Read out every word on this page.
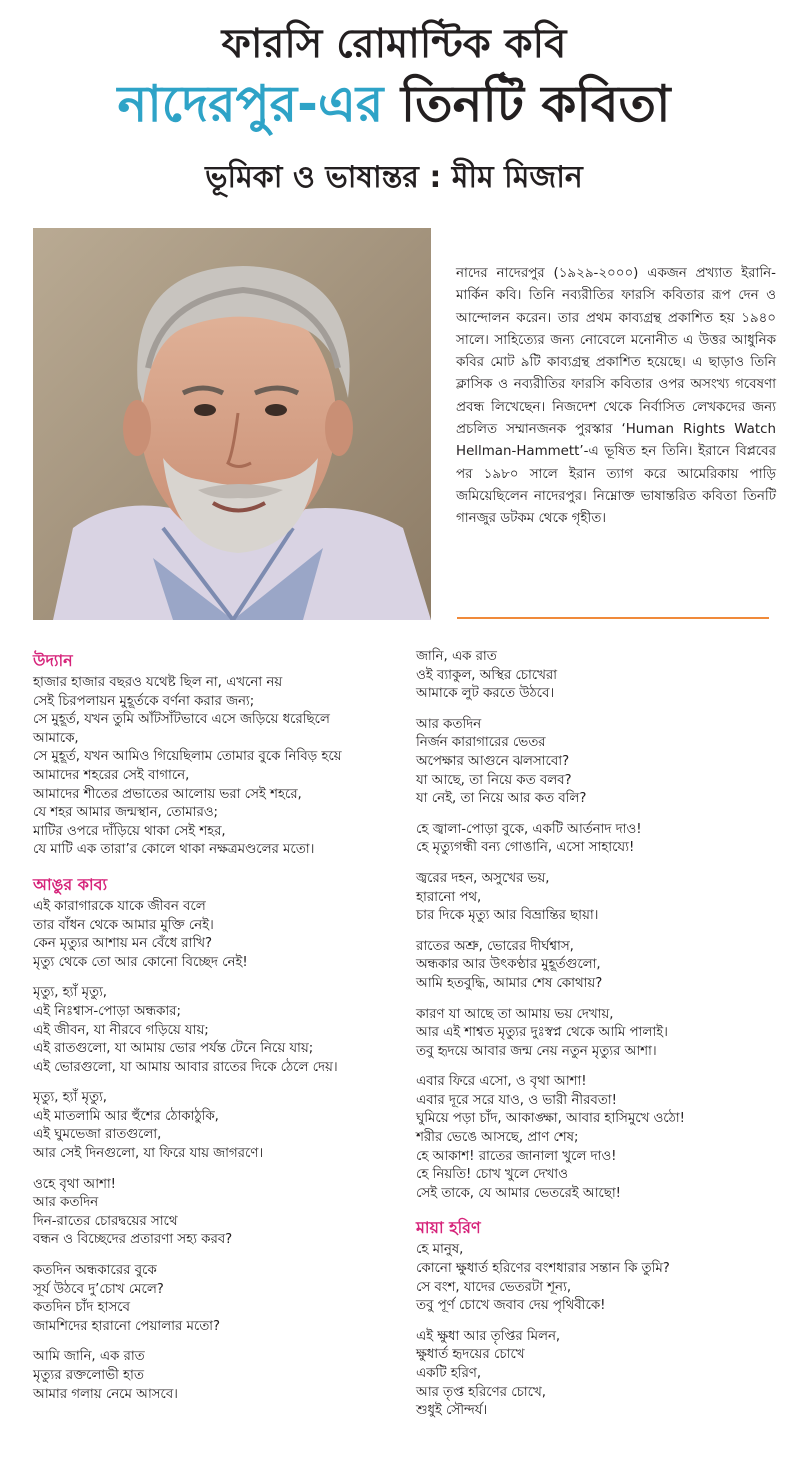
ফারসি রোমান্টিক কবি
নাদেরপুর-এর তিনটি কবিতা
ভূমিকা ও ভাষান্তর : মীম মিজান

নাদের নাদেরপুর (১৯২৯-২০০০) একজন প্রখ্যাত ইরানি-মার্কিন কবি। তিনি নব্যরীতির ফারসি কবিতার রূপ দেন ও আন্দোলন করেন। তার প্রথম কাব্যগ্রন্থ প্রকাশিত হয় ১৯৪০ সালে। সাহিত্যের জন্য নোবেলে মনোনীত এ উত্তর আধুনিক কবির মোট ৯টি কাব্যগ্রন্থ প্রকাশিত হয়েছে। এ ছাড়াও তিনি ক্লাসিক ও নব্যরীতির ফারসি কবিতার ওপর অসংখ্য গবেষণা প্রবন্ধ লিখেছেন। নিজদেশ থেকে নির্বাসিত লেখকদের জন্য প্রচলিত সম্মানজনক পুরস্কার ‘Human Rights Watch Hellman-Hammett’-এ ভূষিত হন তিনি। ইরানে বিপ্লবের পর ১৯৮০ সালে ইরান ত্যাগ করে আমেরিকায় পাড়ি জমিয়েছিলেন নাদেরপুর। নিম্নোক্ত ভাষান্তরিত কবিতা তিনটি গানজুর ডটকম থেকে গৃহীত।

উদ্যান
হাজার হাজার বছরও যথেষ্ট ছিল না, এখনো নয়
সেই চিরপলায়ন মুহূর্তকে বর্ণনা করার জন্য;
সে মুহূর্ত, যখন তুমি আঁটসাঁটভাবে এসে জড়িয়ে ধরেছিলে
আমাকে,
সে মুহূর্ত, যখন আমিও গিয়েছিলাম তোমার বুকে নিবিড় হয়ে
আমাদের শহরের সেই বাগানে,
আমাদের শীতের প্রভাতের আলোয় ভরা সেই শহরে,
যে শহর আমার জন্মস্থান, তোমারও;
মাটির ওপরে দাঁড়িয়ে থাকা সেই শহর,
যে মাটি এক তারা’র কোলে থাকা নক্ষত্রমণ্ডলের মতো।
আঙুর কাব্য
এই কারাগারকে যাকে জীবন বলে
তার বাঁধন থেকে আমার মুক্তি নেই।
কেন মৃত্যুর আশায় মন বেঁধে রাখি?
মৃত্যু থেকে তো আর কোনো বিচ্ছেদ নেই!
মৃত্যু, হ্যাঁ মৃত্যু,
এই নিঃশ্বাস-পোড়া অন্ধকার;
এই জীবন, যা নীরবে গড়িয়ে যায়;
এই রাতগুলো, যা আমায় ভোর পর্যন্ত টেনে নিয়ে যায়;
এই ভোরগুলো, যা আমায় আবার রাতের দিকে ঠেলে দেয়।
মৃত্যু, হ্যাঁ মৃত্যু,
এই মাতলামি আর হুঁশের ঠোকাঠুকি,
এই ঘুমভেজা রাতগুলো,
আর সেই দিনগুলো, যা ফিরে যায় জাগরণে।
ওহে বৃথা আশা!
আর কতদিন
দিন-রাতের চোরদ্বয়ের সাথে
বন্ধন ও বিচ্ছেদের প্রতারণা সহ্য করব?
কতদিন অন্ধকারের বুকে
সূর্য উঠবে দু’চোখ মেলে?
কতদিন চাঁদ হাসবে
জামশিদের হারানো পেয়ালার মতো?
আমি জানি, এক রাত
মৃত্যুর রক্তলোভী হাত
আমার গলায় নেমে আসবে।
জানি, এক রাত
ওই ব্যাকুল, অস্থির চোখেরা
আমাকে লুট করতে উঠবে।
আর কতদিন
নির্জন কারাগারের ভেতর
অপেক্ষার আগুনে ঝলসাবো?
যা আছে, তা নিয়ে কত বলব?
যা নেই, তা নিয়ে আর কত বলি?
হে জ্বালা-পোড়া বুকে, একটি আর্তনাদ দাও!
হে মৃত্যুগন্ধী বন্য গোঙানি, এসো সাহায্যে!
জ্বরের দহন, অসুখের ভয়,
হারানো পথ,
চার দিকে মৃত্যু আর বিভ্রান্তির ছায়া।
রাতের অশ্রু, ভোরের দীর্ঘশ্বাস,
অন্ধকার আর উৎকণ্ঠার মুহূর্তগুলো,
আমি হতবুদ্ধি, আমার শেষ কোথায়?
কারণ যা আছে তা আমায় ভয় দেখায়,
আর এই শাশ্বত মৃত্যুর দুঃস্বপ্ন থেকে আমি পালাই।
তবু হৃদয়ে আবার জন্ম নেয় নতুন মৃত্যুর আশা।
এবার ফিরে এসো, ও বৃথা আশা!
এবার দূরে সরে যাও, ও ভারী নীরবতা!
ঘুমিয়ে পড়া চাঁদ, আকাঙ্ক্ষা, আবার হাসিমুখে ওঠো!
শরীর ভেঙে আসছে, প্রাণ শেষ;
হে আকাশ! রাতের জানালা খুলে দাও!
হে নিয়তি! চোখ খুলে দেখাও
সেই তাকে, যে আমার ভেতরেই আছো!
মায়া হরিণ
হে মানুষ,
কোনো ক্ষুধার্ত হরিণের বংশধারার সন্তান কি তুমি?
সে বংশ, যাদের ভেতরটা শূন্য,
তবু পূর্ণ চোখে জবাব দেয় পৃথিবীকে!
এই ক্ষুধা আর তৃপ্তির মিলন,
ক্ষুধার্ত হৃদয়ের চোখে
একটি হরিণ,
আর তৃপ্ত হরিণের চোখে,
শুধুই সৌন্দর্য।
